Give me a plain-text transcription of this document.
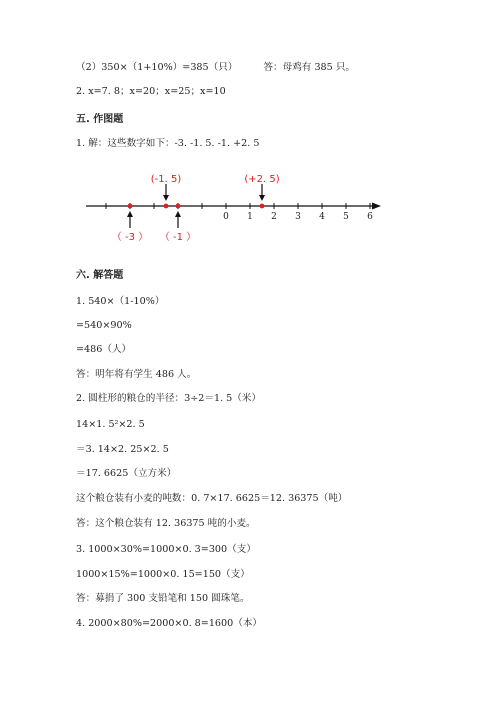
（2）350×（1+10%）=385（只）	答：母鸡有 385 只。
2. x=7. 8；x=20；x=25；x=10
五. 作图题
1. 解：这些数字如下：-3. -1. 5. -1. +2. 5
0 1 2 3 4 5 6
(-1. 5)	(+2. 5)
（ -3 ） （ -1 ）
六. 解答题
1. 540×（1-10%）
=540×90%
=486（人）
答：明年将有学生 486 人。
2. 圆柱形的粮仓的半径：3÷2＝1. 5（米）
14×1. 5²×2. 5
＝3. 14×2. 25×2. 5
＝17. 6625（立方米）
这个粮仓装有小麦的吨数：0. 7×17. 6625＝12. 36375（吨）
答：这个粮仓装有 12. 36375 吨的小麦。
3. 1000×30%=1000×0. 3=300（支）
1000×15%=1000×0. 15=150（支）
答：募捐了 300 支铅笔和 150 圆珠笔。
4. 2000×80%=2000×0. 8=1600（本）
